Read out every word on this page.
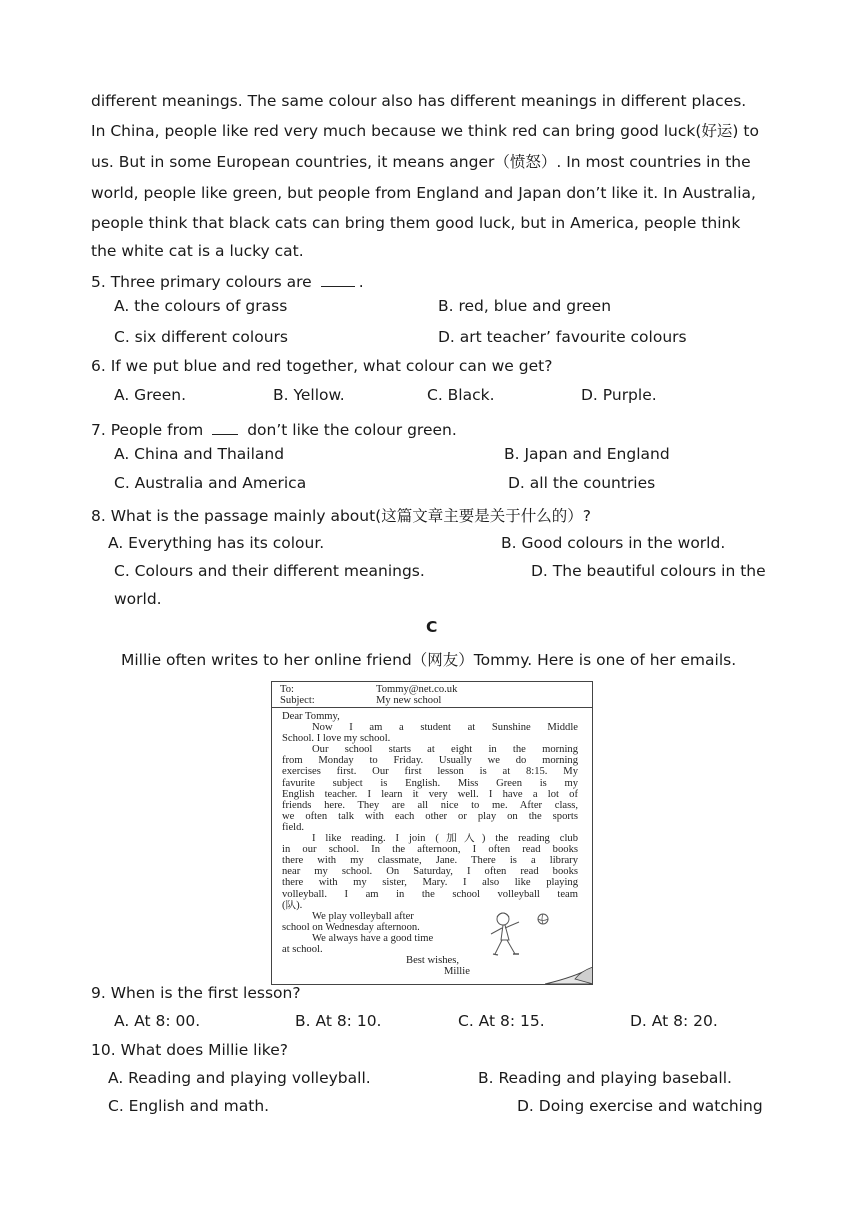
different meanings. The same colour also has different meanings in different places.
In China, people like red very much because we think red can bring good luck(好运) to
us. But in some European countries, it means anger（愤怒）. In most countries in the
world, people like green, but people from England and Japan don’t like it. In Australia,
people think that black cats can bring them good luck, but in America, people think
the white cat is a lucky cat.
5. Three primary colours are	.
A. the colours of grass	B. red, blue and green
C. six different colours	D. art teacher’ favourite colours
6. If we put blue and red together, what colour can we get?
A. Green.	B. Yellow.	C. Black.	D. Purple.
7. People from	don’t like the colour green.
A. China and Thailand	B. Japan and England
C. Australia and America	D. all the countries
8. What is the passage mainly about(这篇文章主要是关于什么的）?
A. Everything has its colour.	B. Good colours in the world.
C. Colours and their different meanings.	D. The beautiful colours in the
world.
C
Millie often writes to her online friend（网友）Tommy. Here is one of her emails.
To:	Tommy@net.co.uk
Subject:	My new school
Dear Tommy,
Now I am a student at Sunshine Middle
School. I love my school.
Our school starts at eight in the morning
from Monday to Friday. Usually we do morning
exercises first. Our first lesson is at 8:15. My
favurite subject is English. Miss Green is my
English teacher. I learn it very well. I have a lot of
friends here. They are all nice to me. After class,
we often talk with each other or play on the sports
field.
I like reading. I join (加入) the reading club
in our school. In the afternoon, I often read books
there with my classmate, Jane. There is a library
near my school. On Saturday, I often read books
there with my sister, Mary. I also like playing
volleyball. I am in the school volleyball team
(队).
We play volleyball after
school on Wednesday afternoon.
We always have a good time
at school.
Best wishes,
Millie
9. When is the first lesson?
A. At 8: 00.	B. At 8: 10.	C. At 8: 15.	D. At 8: 20.
10. What does Millie like?
A. Reading and playing volleyball.	B. Reading and playing baseball.
C. English and math.	D. Doing exercise and watching
